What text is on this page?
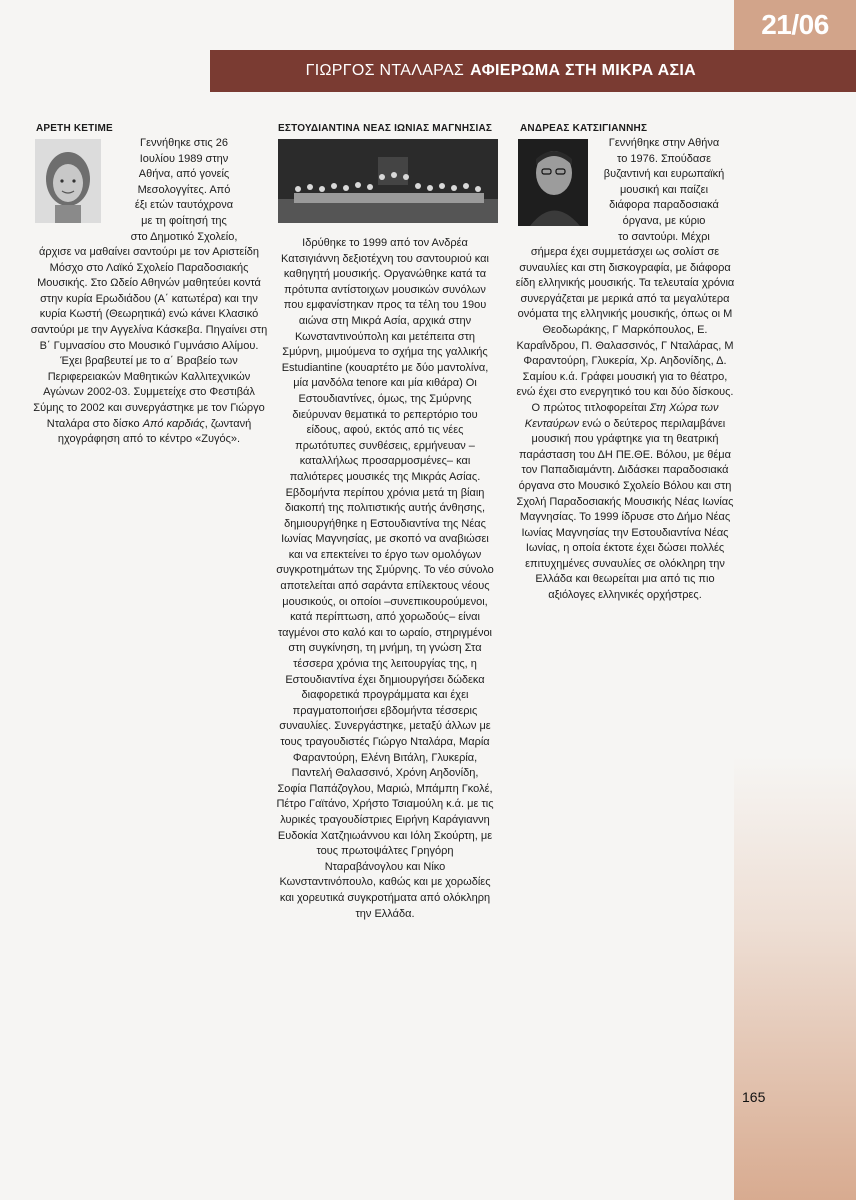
21/06
ΓΙΩΡΓΟΣ ΝΤΑΛΑΡΑΣ ΑΦΙΕΡΩΜΑ ΣΤΗ ΜΙΚΡΑ ΑΣΙΑ
ΑΡΕΤΗ ΚΕΤΙΜΕ

Γεννήθηκε στις 26

Ιουλίου 1989 στην

Αθήνα, από γονείς

Μεσολογγίτες. Από

έξι ετών ταυτόχρονα

με τη φοίτησή της

στο Δημοτικό Σχολείο,

άρχισε να μαθαίνει σαντούρι με τον Αριστείδη Μόσχο στο Λαϊκό Σχολείο Παραδοσιακής Μουσικής. Στο Ωδείο Αθηνών μαθητεύει κοντά στην κυρία Ερωδιάδου (Α΄ κατωτέρα) και την κυρία Κωστή (Θεωρητικά) ενώ κάνει Κλασικό σαντούρι με την Αγγελίνα Κάσκεβα. Πηγαίνει στη Β΄ Γυμνασίου στο Μουσικό Γυμνάσιο Αλίμου. Έχει βραβευτεί με το α΄ Βραβείο των Περιφερειακών Μαθητικών Καλλιτεχνικών Αγώνων 2002-03. Συμμετείχε στο Φεστιβάλ Σύμης το 2002 και συνεργάστηκε με τον Γιώργο Νταλάρα στο δίσκο Από καρδιάς, ζωντανή ηχογράφηση από το κέντρο «Ζυγός».

ΕΣΤΟΥΔΙΑΝΤΙΝΑ ΝΕΑΣ ΙΩΝΙΑΣ ΜΑΓΝΗΣΙΑΣ

Ιδρύθηκε το 1999 από τον Ανδρέα Κατσιγιάννη δεξιοτέχνη του σαντουριού και καθηγητή μουσικής. Οργανώθηκε κατά τα πρότυπα αντίστοιχων μουσικών συνόλων που εμφανίστηκαν προς τα τέλη του 19ου αιώνα στη Μικρά Ασία, αρχικά στην Κωνσταντινούπολη και μετέπειτα στη Σμύρνη, μιμούμενα το σχήμα της γαλλικής Estudiantine (κουαρτέτο με δύο μαντολίνα, μία μανδόλα tenore και μία κιθάρα) Οι Εστουδιαντίνες, όμως, της Σμύρνης διεύρυναν θεματικά το ρεπερτόριο του είδους, αφού, εκτός από τις νέες πρωτότυπες συνθέσεις, ερμήνευαν –καταλλήλως προσαρμοσμένες– και παλιότερες μουσικές της Μικράς Ασίας. Εβδομήντα περίπου χρόνια μετά τη βίαιη διακοπή της πολιτιστικής αυτής άνθησης, δημιουργήθηκε η Εστουδιαντίνα της Νέας Ιωνίας Μαγνησίας, με σκοπό να αναβιώσει και να επεκτείνει το έργο των ομολόγων συγκροτημάτων της Σμύρνης. Το νέο σύνολο αποτελείται από σαράντα επίλεκτους νέους μουσικούς, οι οποίοι –συνεπικουρούμενοι, κατά περίπτωση, από χορωδούς– είναι ταγμένοι στο καλό και το ωραίο, στηριγμένοι στη συγκίνηση, τη μνήμη, τη γνώση Στα τέσσερα χρόνια της λειτουργίας της, η Εστουδιαντίνα έχει δημιουργήσει δώδεκα διαφορετικά προγράμματα και έχει πραγματοποιήσει εβδομήντα τέσσερις συναυλίες. Συνεργάστηκε, μεταξύ άλλων με τους τραγουδιστές Γιώργο Νταλάρα, Μαρία Φαραντούρη, Ελένη Βιτάλη, Γλυκερία, Παντελή Θαλασσινό, Χρόνη Αηδονίδη, Σοφία Παπάζογλου, Μαριώ, Μπάμπη Γκολέ, Πέτρο Γαϊτάνο, Χρήστο Τσιαμούλη κ.ά. με τις λυρικές τραγουδίστριες Ειρήνη Καράγιαννη Ευδοκία Χατζηιωάννου και Ιόλη Σκούρτη, με τους πρωτοψάλτες Γρηγόρη Νταραβάνογλου και Νίκο Κωνσταντινόπουλο, καθώς και με χορωδίες και χορευτικά συγκροτήματα από ολόκληρη την Ελλάδα.

ΑΝΔΡΕΑΣ ΚΑΤΣΙΓΙΑΝΝΗΣ

Γεννήθηκε στην Αθήνα

το 1976. Σπούδασε

βυζαντινή και ευρωπαϊκή

μουσική και παίζει

διάφορα παραδοσιακά

όργανα, με κύριο

το σαντούρι. Μέχρι

σήμερα έχει συμμετάσχει ως σολίστ σε συναυλίες και στη δισκογραφία, με διάφορα είδη ελληνικής μουσικής. Τα τελευταία χρόνια συνεργάζεται με μερικά από τα μεγαλύτερα ονόματα της ελληνικής μουσικής, όπως οι Μ Θεοδωράκης, Γ Μαρκόπουλος, Ε. Καραΐνδρου, Π. Θαλασσινός, Γ Νταλάρας, Μ Φαραντούρη, Γλυκερία, Χρ. Αηδονίδης, Δ. Σαμίου κ.ά. Γράφει μουσική για το θέατρο, ενώ έχει στο ενεργητικό του και δύο δίσκους. Ο πρώτος τιτλοφορείται Στη Χώρα των Κενταύρων ενώ ο δεύτερος περιλαμβάνει μουσική που γράφτηκε για τη θεατρική παράσταση του ΔΗ ΠΕ.ΘΕ. Βόλου, με θέμα τον Παπαδιαμάντη. Διδάσκει παραδοσιακά όργανα στο Μουσικό Σχολείο Βόλου και στη Σχολή Παραδοσιακής Μουσικής Νέας Ιωνίας Μαγνησίας. Το 1999 ίδρυσε στο Δήμο Νέας Ιωνίας Μαγνησίας την Εστουδιαντίνα Νέας Ιωνίας, η οποία έκτοτε έχει δώσει πολλές επιτυχημένες συναυλίες σε ολόκληρη την Ελλάδα και θεωρείται μια από τις πιο αξιόλογες ελληνικές ορχήστρες.

165
